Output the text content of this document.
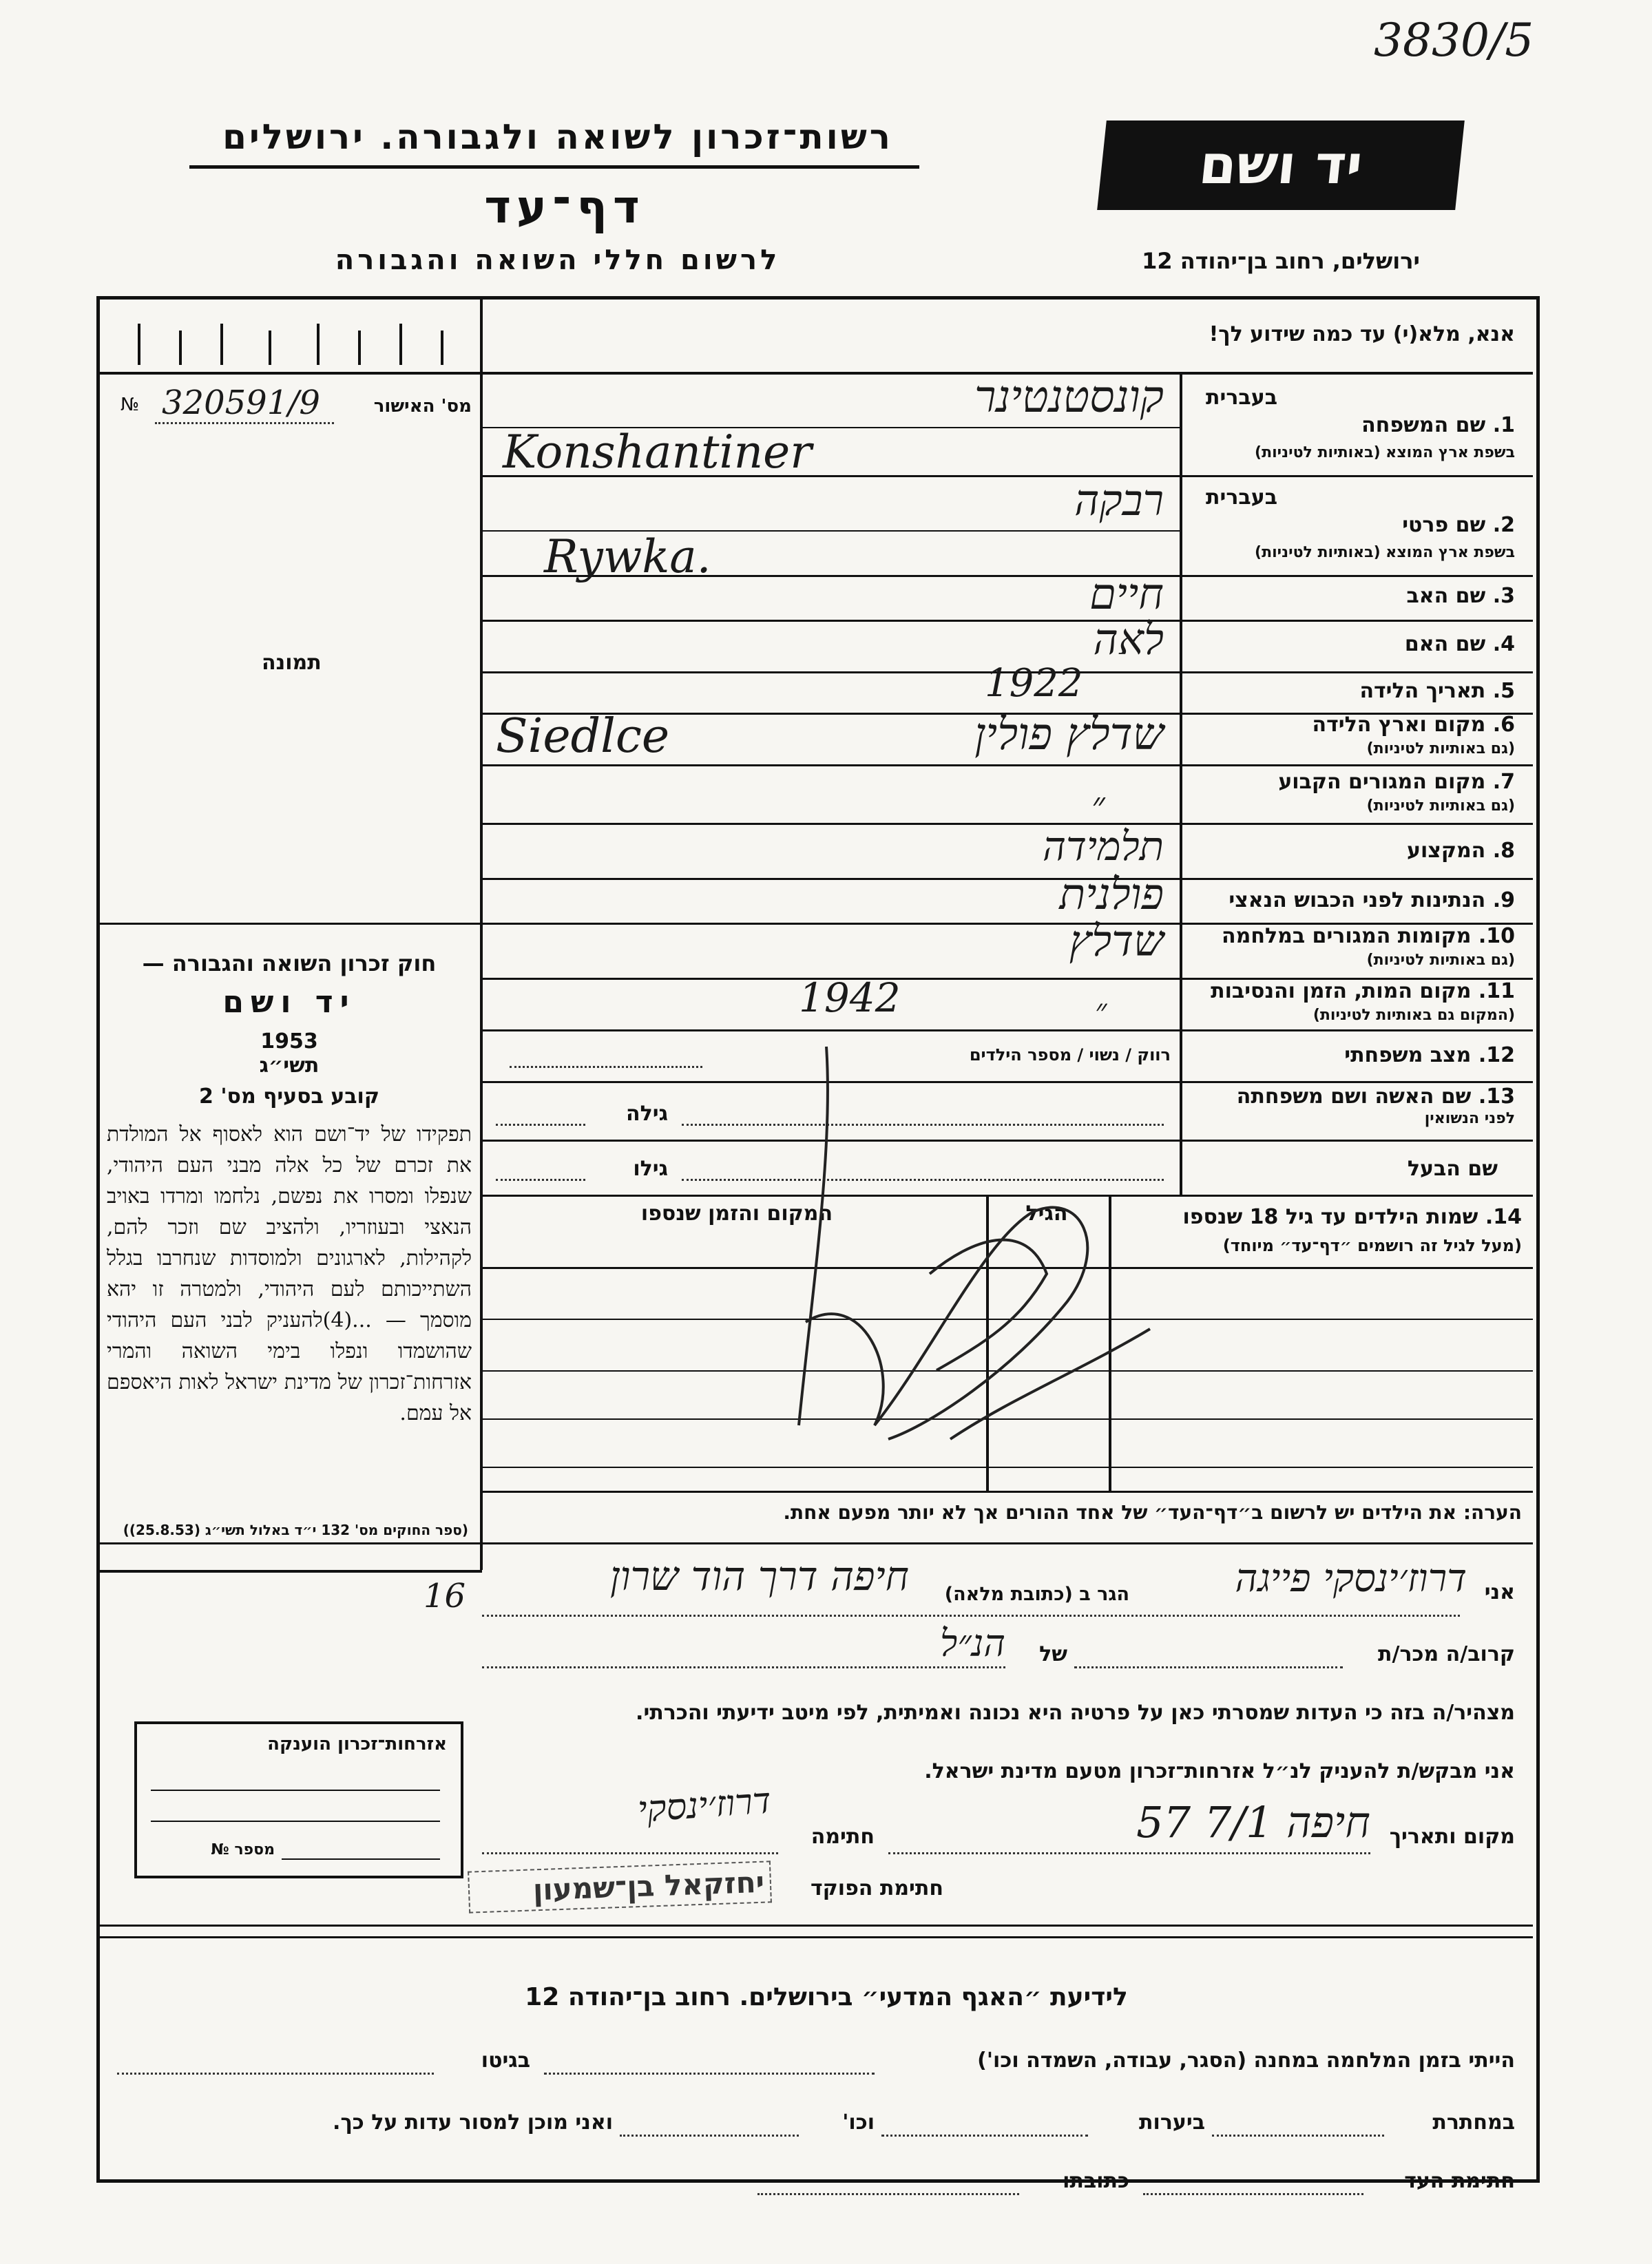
3830/5
רשות־זכרון לשואה ולגבורה. ירושלים
דף־עד
לרשום חללי השואה והגבורה
יד ושם
ירושלים, רחוב בן־יהודה 12
№ 320591/9	מס' האישור
תמונה
חוק זכרון השואה והגבורה —
יד ושם
1953
תשי״ג
קובע בסעיף מס' 2
תפקידו של יד־ושם הוא לאסוף אל המולדת את זכרם של כל אלה מבני העם היהודי, שנפלו ומסרו את נפשם, נלחמו ומרדו באויב הנאצי ובעוזריו, ולהציב שם וזכר להם, לקהילות, לארגונים ולמוסדות שנחרבו בגלל השתייכותם לעם היהודי, ולמטרה זו יהא מוסמך — ...(4)להעניק לבני העם היהודי שהושמדו ונפלו בימי השואה והמרי אזרחות־זכרון של מדינת ישראל לאות היאספם אל עמם.
(ספר החוקים מס' 132 י״ד באלול תשי״ג (25.8.53))
אנא, מלא(י) עד כמה שידוע לך!
בעברית
1. שם המשפחה
בשפת ארץ המוצא (באותיות לטיניות)
קונסטנטינר
Konshantiner
בעברית
2. שם פרטי
בשפת ארץ המוצא (באותיות לטיניות)
רבקה
Rywka.
3. שם האב
חיים
4. שם האם
לאה
5. תאריך הלידה
1922
6. מקום וארץ הלידה
(גם באותיות לטיניות)
שדלץ פולין
Siedlce
7. מקום המגורים הקבוע
(גם באותיות לטיניות)
״
8. המקצוע
תלמידה
9. הנתינות לפני הכבוש הנאצי
פולנית
10. מקומות המגורים במלחמה
(גם באותיות לטיניות)
שדלץ
11. מקום המות, הזמן והנסיבות
(המקום גם באותיות לטיניות)
1942	״
12. מצב משפחתי
רווק / נשוי / מספר הילדים
13. שם האשה ושם משפחתה
לפני הנשואין
גילה
שם הבעל
גילו
14. שמות הילדים עד גיל 18 שנספו
(מעל לגיל זה רושמים ״דף־עד״ מיוחד)
הגיל
המקום והזמן שנספו
הערה: את הילדים יש לרשום ב״דף־העד״ של אחד ההורים אך לא יותר מפעם אחת.
אני
דרוז׳ינסקי פייגה
הגר ב (כתובת מלאה)
חיפה דרך הוד שרון
16
קרוב/ה מכר/ת
של
הנ״ל
מצהיר/ה בזה כי העדות שמסרתי כאן על פרטיה היא נכונה ואמיתית, לפי מיטב ידיעתי והכרתי.
אני מבקש/ת להעניק לנ״ל אזרחות־זכרון מטעם מדינת ישראל.
מקום ותאריך
חיפה 7/1 57
חתימה
דרוז׳ינסקי
חתימת הפוקד
יחזקאל בן־שמעון
אזרחות־זכרון הוענקה
מספר №
לידיעת ״האגף המדעי״ בירושלים. רחוב בן־יהודה 12
הייתי בזמן המלחמה במחנה (הסגר, עבודה, השמדה וכו')
בגיטו
במחתרת
ביערות
וכו'
ואני מוכן למסור עדות על כך.
חתימת העד
כתובתו
